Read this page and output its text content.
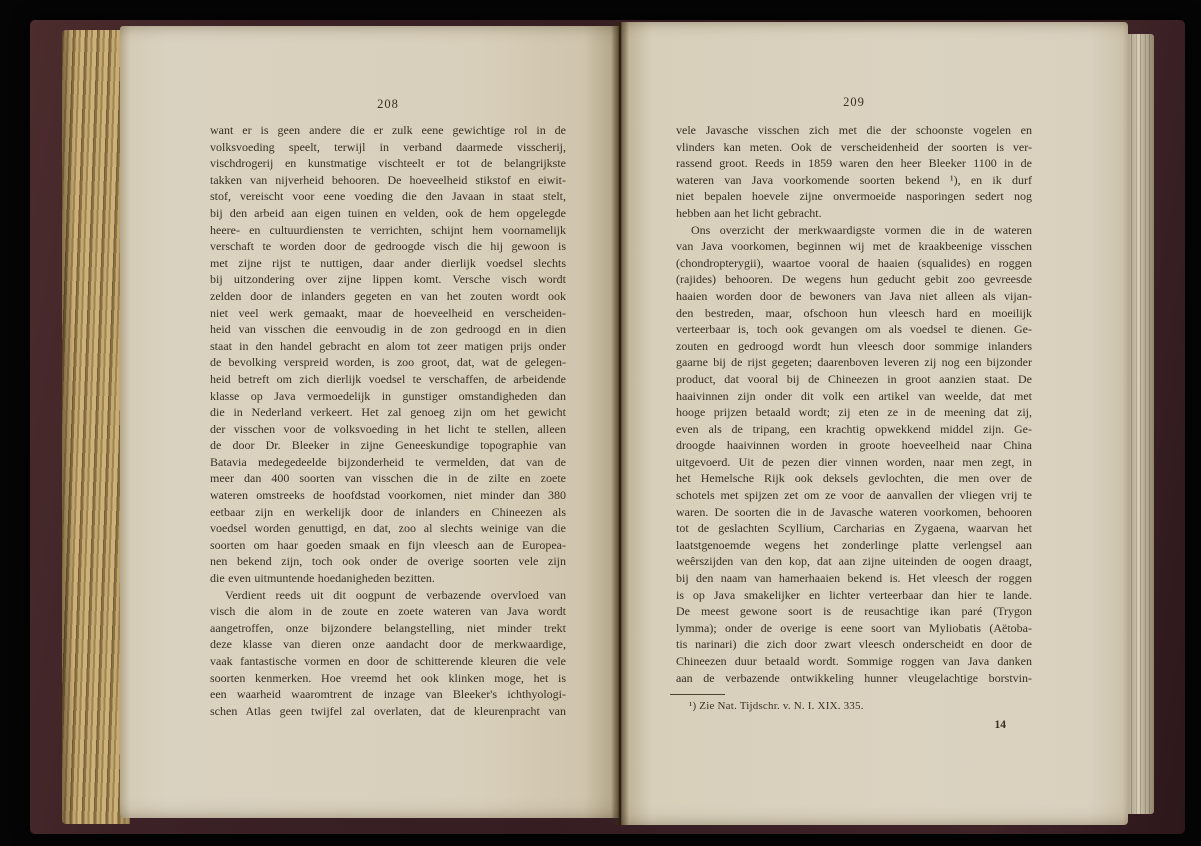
208
want er is geen andere die er zulk eene gewichtige rol in de
volksvoeding speelt, terwijl in verband daarmede visscherij,
vischdrogerij en kunstmatige vischteelt er tot de belangrijkste
takken van nijverheid behooren. De hoeveelheid stikstof en eiwit-
stof, vereischt voor eene voeding die den Javaan in staat stelt,
bij den arbeid aan eigen tuinen en velden, ook de hem opgelegde
heere- en cultuurdiensten te verrichten, schijnt hem voornamelijk
verschaft te worden door de gedroogde visch die hij gewoon is
met zijne rijst te nuttigen, daar ander dierlijk voedsel slechts
bij uitzondering over zijne lippen komt. Versche visch wordt
zelden door de inlanders gegeten en van het zouten wordt ook
niet veel werk gemaakt, maar de hoeveelheid en verscheiden-
heid van visschen die eenvoudig in de zon gedroogd en in dien
staat in den handel gebracht en alom tot zeer matigen prijs onder
de bevolking verspreid worden, is zoo groot, dat, wat de gelegen-
heid betreft om zich dierlijk voedsel te verschaffen, de arbeidende
klasse op Java vermoedelijk in gunstiger omstandigheden dan
die in Nederland verkeert. Het zal genoeg zijn om het gewicht
der visschen voor de volksvoeding in het licht te stellen, alleen
de door Dr. Bleeker in zijne Geneeskundige topographie van
Batavia medegedeelde bijzonderheid te vermelden, dat van de
meer dan 400 soorten van visschen die in de zilte en zoete
wateren omstreeks de hoofdstad voorkomen, niet minder dan 380
eetbaar zijn en werkelijk door de inlanders en Chineezen als
voedsel worden genuttigd, en dat, zoo al slechts weinige van die
soorten om haar goeden smaak en fijn vleesch aan de Europea-
nen bekend zijn, toch ook onder de overige soorten vele zijn
die even uitmuntende hoedanigheden bezitten.
Verdient reeds uit dit oogpunt de verbazende overvloed van
visch die alom in de zoute en zoete wateren van Java wordt
aangetroffen, onze bijzondere belangstelling, niet minder trekt
deze klasse van dieren onze aandacht door de merkwaardige,
vaak fantastische vormen en door de schitterende kleuren die vele
soorten kenmerken. Hoe vreemd het ook klinken moge, het is
een waarheid waaromtrent de inzage van Bleeker's ichthyologi-
schen Atlas geen twijfel zal overlaten, dat de kleurenpracht van
209
vele Javasche visschen zich met die der schoonste vogelen en
vlinders kan meten. Ook de verscheidenheid der soorten is ver-
rassend groot. Reeds in 1859 waren den heer Bleeker 1100 in de
wateren van Java voorkomende soorten bekend ¹), en ik durf
niet bepalen hoevele zijne onvermoeide nasporingen sedert nog
hebben aan het licht gebracht.
Ons overzicht der merkwaardigste vormen die in de wateren
van Java voorkomen, beginnen wij met de kraakbeenige visschen
(chondropterygii), waartoe vooral de haaien (squalides) en roggen
(rajides) behooren. De wegens hun geducht gebit zoo gevreesde
haaien worden door de bewoners van Java niet alleen als vijan-
den bestreden, maar, ofschoon hun vleesch hard en moeilijk
verteerbaar is, toch ook gevangen om als voedsel te dienen. Ge-
zouten en gedroogd wordt hun vleesch door sommige inlanders
gaarne bij de rijst gegeten; daarenboven leveren zij nog een bijzonder
product, dat vooral bij de Chineezen in groot aanzien staat. De
haaivinnen zijn onder dit volk een artikel van weelde, dat met
hooge prijzen betaald wordt; zij eten ze in de meening dat zij,
even als de tripang, een krachtig opwekkend middel zijn. Ge-
droogde haaivinnen worden in groote hoeveelheid naar China
uitgevoerd. Uit de pezen dier vinnen worden, naar men zegt, in
het Hemelsche Rijk ook deksels gevlochten, die men over de
schotels met spijzen zet om ze voor de aanvallen der vliegen vrij te
waren. De soorten die in de Javasche wateren voorkomen, behooren
tot de geslachten Scyllium, Carcharias en Zygaena, waarvan het
laatstgenoemde wegens het zonderlinge platte verlengsel aan
weêrszijden van den kop, dat aan zijne uiteinden de oogen draagt,
bij den naam van hamerhaaien bekend is. Het vleesch der roggen
is op Java smakelijker en lichter verteerbaar dan hier te lande.
De meest gewone soort is de reusachtige ikan paré (Trygon
lymma); onder de overige is eene soort van Myliobatis (Aëtoba-
tis narinari) die zich door zwart vleesch onderscheidt en door de
Chineezen duur betaald wordt. Sommige roggen van Java danken
aan de verbazende ontwikkeling hunner vleugelachtige borstvin-
¹) Zie Nat. Tijdschr. v. N. I. XIX. 335.
14
